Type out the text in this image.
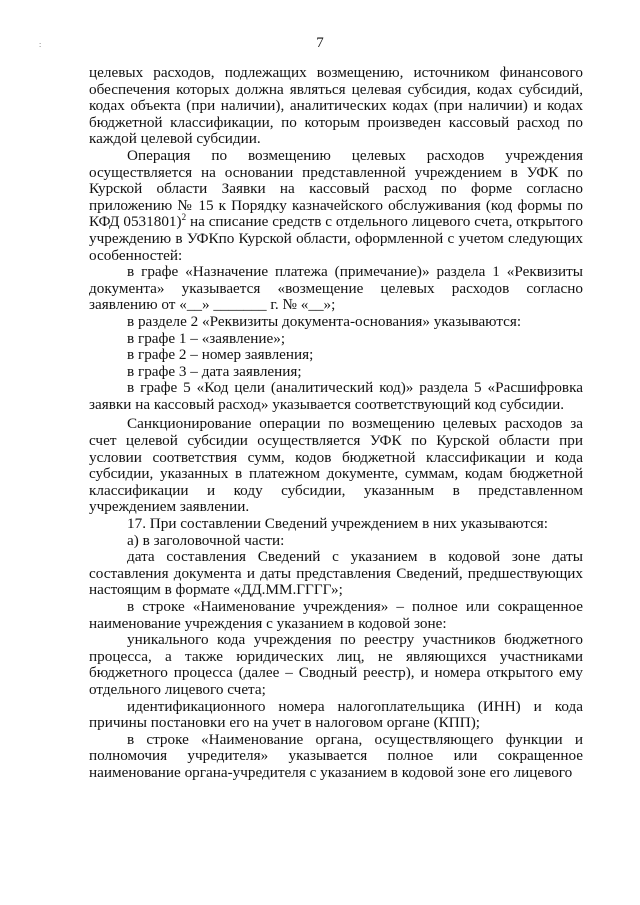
:	7

целевых расходов, подлежащих возмещению, источником финансового обеспечения которых должна являться целевая субсидия, кодах субсидий, кодах объекта (при наличии), аналитических кодах (при наличии) и кодах бюджетной классификации, по которым произведен кассовый расход по каждой целевой субсидии.

Операция по возмещению целевых расходов учреждения осуществляется на основании представленной учреждением в УФК по Курской области Заявки на кассовый расход по форме согласно приложению № 15 к Порядку казначейского обслуживания (код формы по КФД 0531801)$^2$ на списание средств с отдельного лицевого счета, открытого учреждению в УФКпо Курской области, оформленной с учетом следующих особенностей:

в графе «Назначение платежа (примечание)» раздела 1 «Реквизиты документа» указывается «возмещение целевых расходов согласно заявлению от «__» _______ г. № «__»;

в разделе 2 «Реквизиты документа-основания» указываются:

в графе 1 – «заявление»;

в графе 2 – номер заявления;

в графе 3 – дата заявления;

в графе 5 «Код цели (аналитический код)» раздела 5 «Расшифровка заявки на кассовый расход» указывается соответствующий код субсидии.

Санкционирование операции по возмещению целевых расходов за счет целевой субсидии осуществляется УФК по Курской области при условии соответствия сумм, кодов бюджетной классификации и кода субсидии, указанных в платежном документе, суммам, кодам бюджетной классификации и коду субсидии, указанным в представленном учреждением заявлении.

17. При составлении Сведений учреждением в них указываются:

а) в заголовочной части:

дата составления Сведений с указанием в кодовой зоне даты составления документа и даты представления Сведений, предшествующих настоящим в формате «ДД.ММ.ГГГГ»;

в строке «Наименование учреждения» – полное или сокращенное наименование учреждения с указанием в кодовой зоне:

уникального кода учреждения по реестру участников бюджетного процесса, а также юридических лиц, не являющихся участниками бюджетного процесса (далее – Сводный реестр), и номера открытого ему отдельного лицевого счета;

идентификационного номера налогоплательщика (ИНН) и кода причины постановки его на учет в налоговом органе (КПП);

в строке «Наименование органа, осуществляющего функции и полномочия учредителя» указывается полное или сокращенное наименование органа-учредителя с указанием в кодовой зоне его лицевого
